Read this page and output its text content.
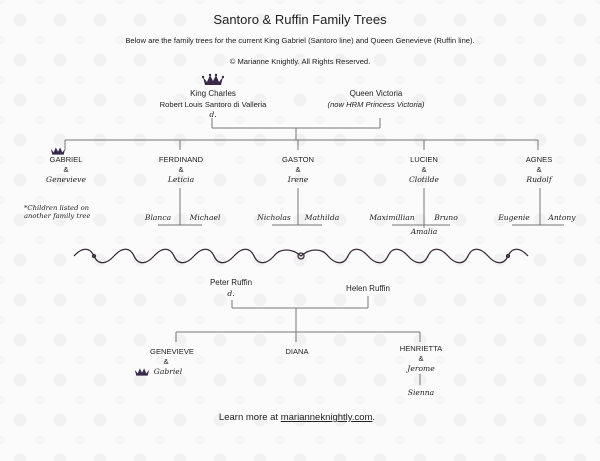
Santoro & Ruffin Family Trees
Below are the family trees for the current King Gabriel (Santoro line) and Queen Genevieve (Ruffin line).
© Marianne Knightly. All Rights Reserved.
King Charles
Robert Louis Santoro di Valleria
d.
Queen Victoria
(now HRM Princess Victoria)
GABRIEL
&
Genevieve
*Children listed on another family tree
FERDINAND
&
Leticia
Blanca Michael
GASTON
&
Irene
Nicholas Mathilda
LUCIEN
&
Clotilde
Maximillian	Bruno
Amalia
AGNES
&
Rudolf
Eugenie Antony
Peter Ruffin
d.
Helen Ruffin
GENEVIEVE
&
Gabriel
DIANA	HENRIETTA
&
Jerome
Sienna
Learn more at marianneknightly.com.
